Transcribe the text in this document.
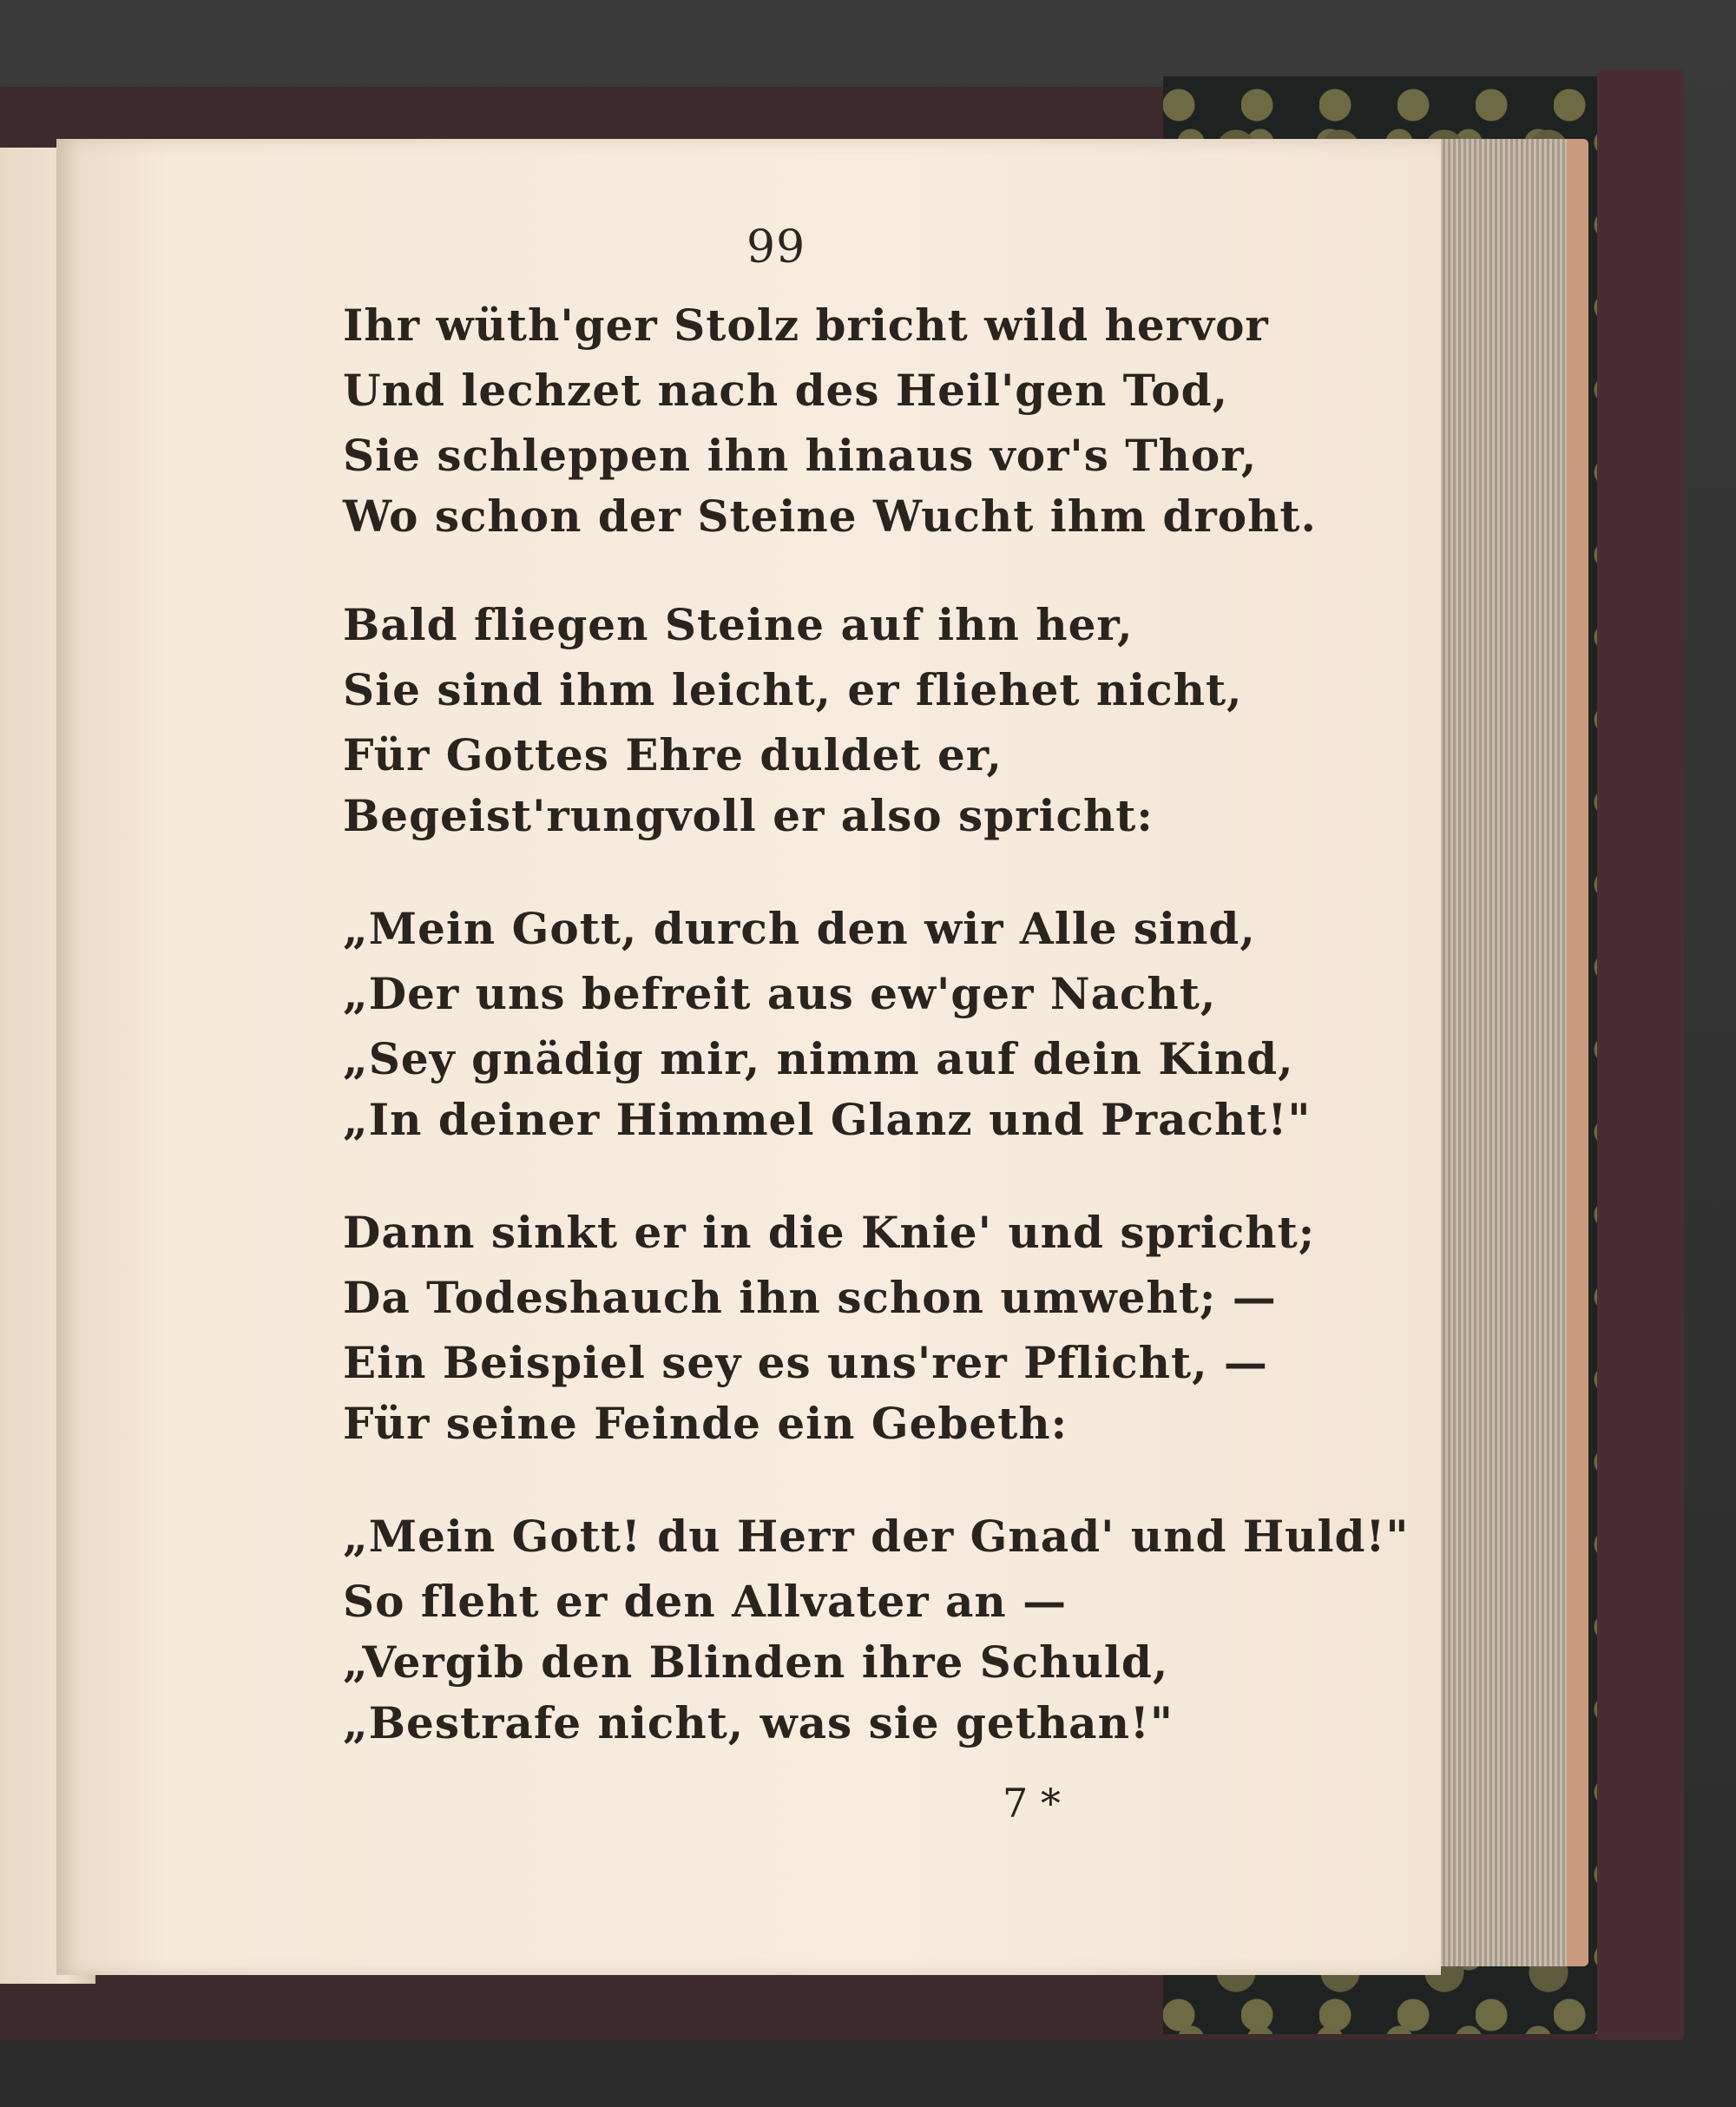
99
Ihr wüth'ger Stolz bricht wild hervor
Und lechzet nach des Heil'gen Tod,
Sie schleppen ihn hinaus vor's Thor,
Wo schon der Steine Wucht ihm droht.
Bald fliegen Steine auf ihn her,
Sie sind ihm leicht, er fliehet nicht,
Für Gottes Ehre duldet er,
Begeist'rungvoll er also spricht:
„Mein Gott, durch den wir Alle sind,
„Der uns befreit aus ew'ger Nacht,
„Sey gnädig mir, nimm auf dein Kind,
„In deiner Himmel Glanz und Pracht!"
Dann sinkt er in die Knie' und spricht;
Da Todeshauch ihn schon umweht; —
Ein Beispiel sey es uns'rer Pflicht, —
Für seine Feinde ein Gebeth:
„Mein Gott! du Herr der Gnad' und Huld!"
So fleht er den Allvater an —
„Vergib den Blinden ihre Schuld,
„Bestrafe nicht, was sie gethan!"
7 *
